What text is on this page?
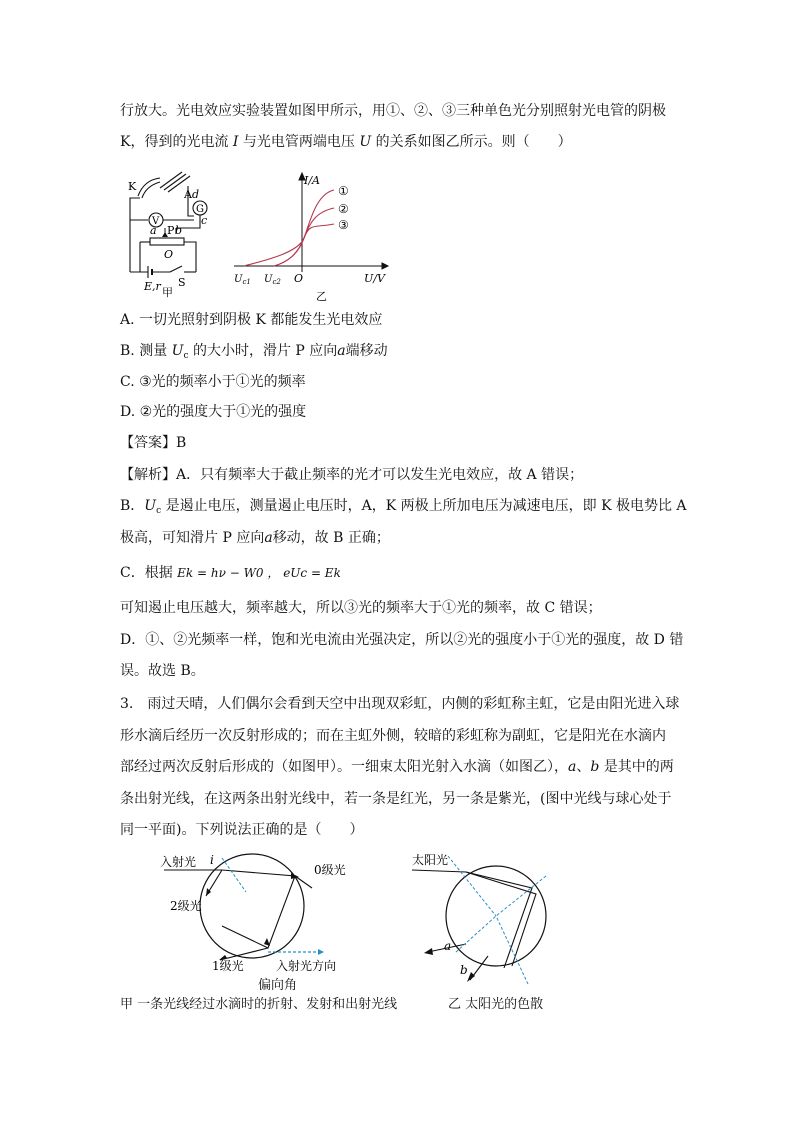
行放大。光电效应实验装置如图甲所示，用①、②、③三种单色光分别照射光电管的阴极
K，得到的光电流 I 与光电管两端电压 U 的关系如图乙所示。则（　　）
K
A d
G
V	c
a P b
O
S
E,r 甲
I/A
U/V
$U_{c1}$ $U_{c2}$ O
①
②
③
乙
A. 一切光照射到阴极 K 都能发生光电效应
B. 测量 $U_c$ 的大小时，滑片 P 应向a端移动
C. ③光的频率小于①光的频率
D. ②光的强度大于①光的强度
【答案】B
【解析】A．只有频率大于截止频率的光才可以发生光电效应，故 A 错误；
B．$U_c$ 是遏止电压，测量遏止电压时，A，K 两极上所加电压为减速电压，即 K 极电势比 A
极高，可知滑片 P 应向a移动，故 B 正确；
C．根据 Ek = hν − W0 ， eUc = Ek
可知遏止电压越大，频率越大，所以③光的频率大于①光的频率，故 C 错误；
D．①、②光频率一样，饱和光电流由光强决定，所以②光的强度小于①光的强度，故 D 错
误。故选 B。
3.　雨过天晴，人们偶尔会看到天空中出现双彩虹，内侧的彩虹称主虹，它是由阳光进入球
形水滴后经历一次反射形成的；而在主虹外侧，较暗的彩虹称为副虹，它是阳光在水滴内
部经过两次反射后形成的（如图甲）。一细束太阳光射入水滴（如图乙），a、b 是其中的两
条出射光线，在这两条出射光线中，若一条是红光，另一条是紫光，(图中光线与球心处于
同一平面)。下列说法正确的是（　　）
入射光 i
0级光
2级光
1级光	入射光方向
偏向角
甲 一条光线经过水滴时的折射、发射和出射光线
太阳光
a
b
乙 太阳光的色散
